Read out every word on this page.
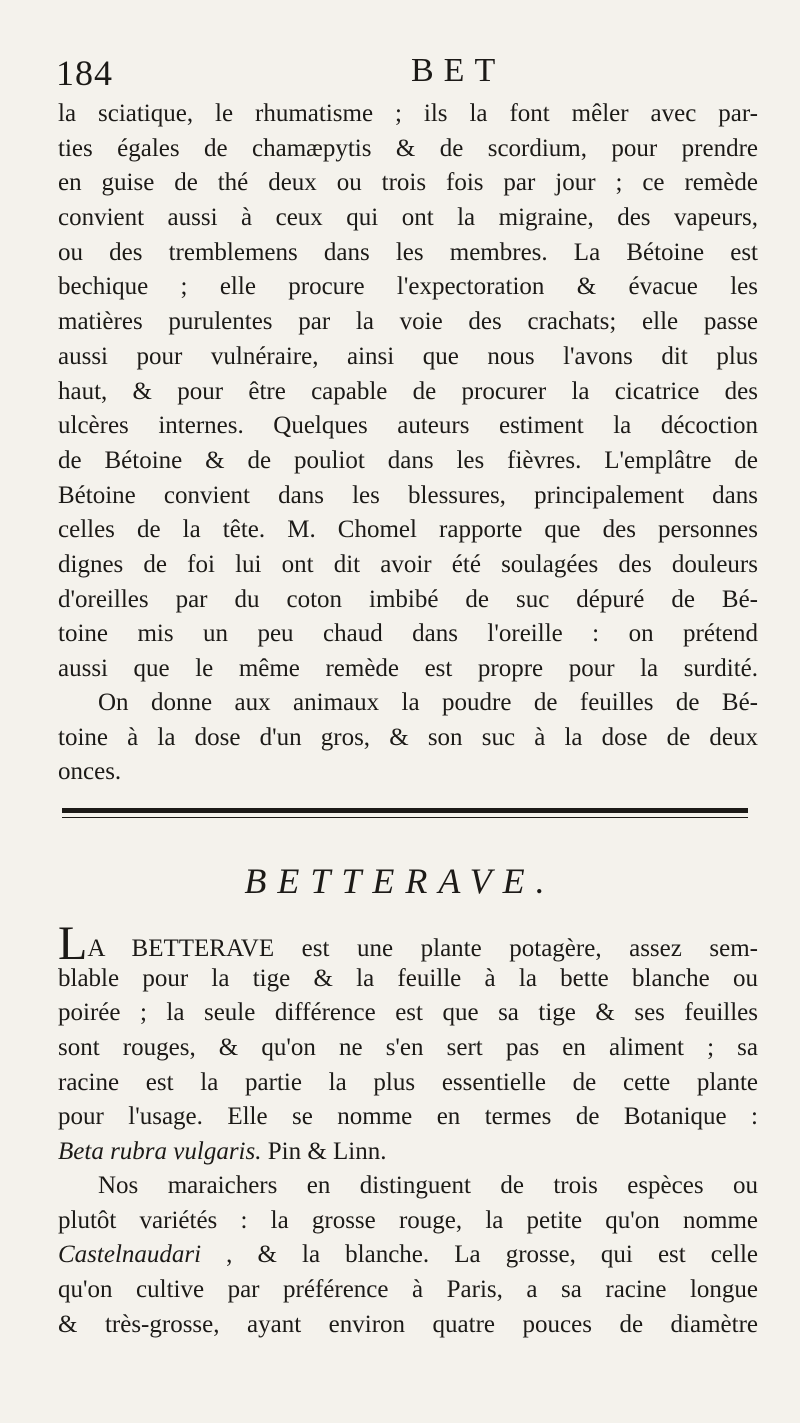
184	BET
la sciatique, le rhumatisme ; ils la font mêler avec par-
ties égales de chamæpytis & de scordium, pour prendre
en guise de thé deux ou trois fois par jour ; ce remède
convient aussi à ceux qui ont la migraine, des vapeurs,
ou des tremblemens dans les membres. La Bétoine est
bechique ; elle procure l'expectoration & évacue les
matières purulentes par la voie des crachats; elle passe
aussi pour vulnéraire, ainsi que nous l'avons dit plus
haut, & pour être capable de procurer la cicatrice des
ulcères internes. Quelques auteurs estiment la décoction
de Bétoine & de pouliot dans les fièvres. L'emplâtre de
Bétoine convient dans les blessures, principalement dans
celles de la tête. M. Chomel rapporte que des personnes
dignes de foi lui ont dit avoir été soulagées des douleurs
d'oreilles par du coton imbibé de suc dépuré de Bé-
toine mis un peu chaud dans l'oreille : on prétend
aussi que le même remède est propre pour la surdité.
On donne aux animaux la poudre de feuilles de Bé-
toine à la dose d'un gros, & son suc à la dose de deux
onces.
BETTERAVE.
LA BETTERAVE est une plante potagère, assez sem-
blable pour la tige & la feuille à la bette blanche ou
poirée ; la seule différence est que sa tige & ses feuilles
sont rouges, & qu'on ne s'en sert pas en aliment ; sa
racine est la partie la plus essentielle de cette plante
pour l'usage. Elle se nomme en termes de Botanique :
Beta rubra vulgaris. Pin & Linn.
Nos maraichers en distinguent de trois espèces ou
plutôt variétés : la grosse rouge, la petite qu'on nomme
Castelnaudari , & la blanche. La grosse, qui est celle
qu'on cultive par préférence à Paris, a sa racine longue
& très-grosse, ayant environ quatre pouces de diamètre
